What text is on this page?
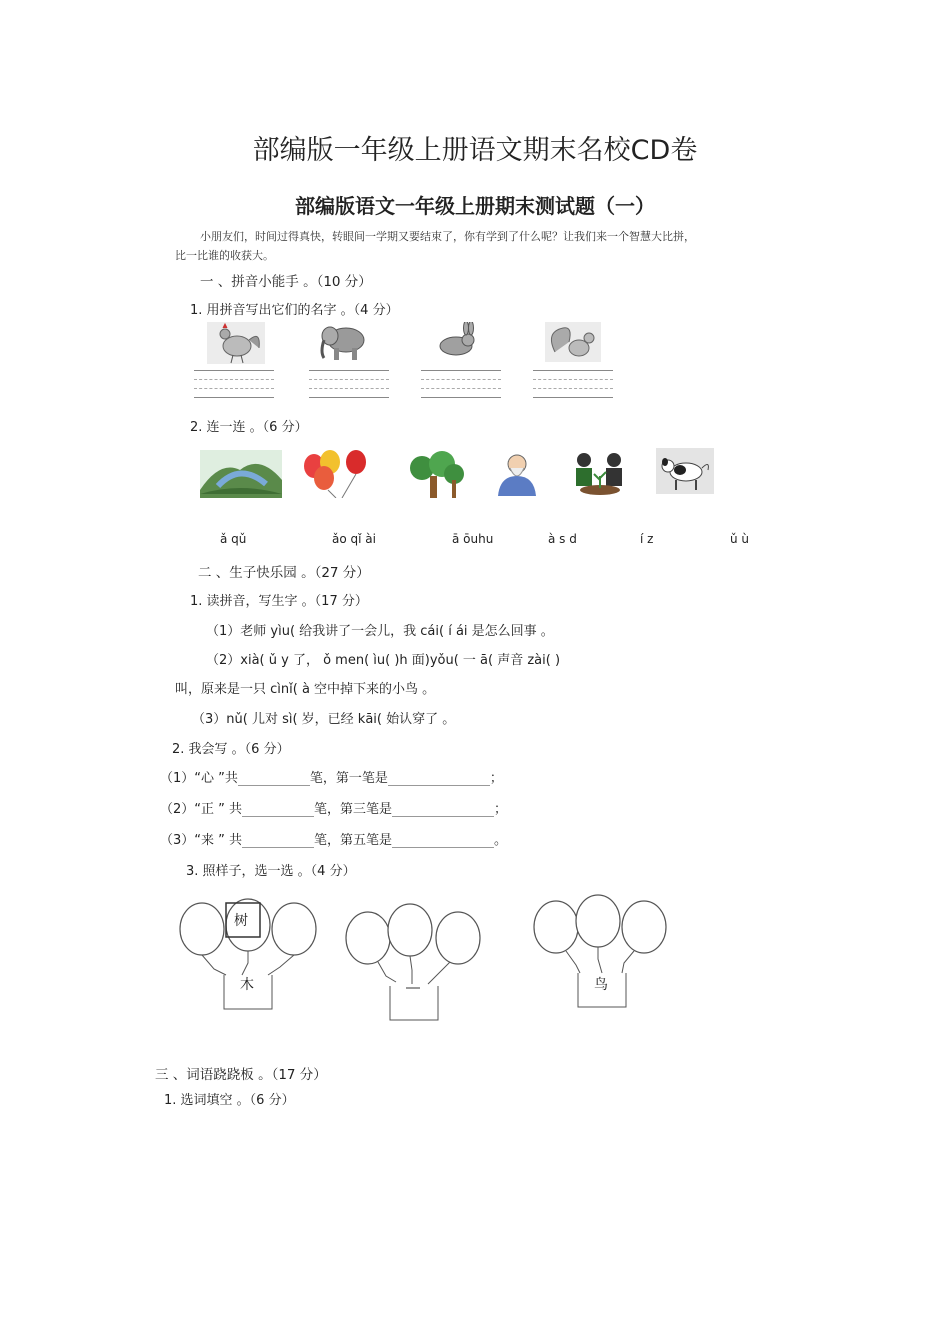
部编版一年级上册语文期末名校CD卷
部编版语文一年级上册期末测试题（一）
小朋友们，时间过得真快，转眼间一学期又要结束了，你有学到了什么呢？让我们来一个智慧大比拼，
比一比谁的收获大。
一 、拼音小能手 。（10 分）
1. 用拼音写出它们的名字 。（4 分）
2. 连一连 。（6 分）
ǎ qǔ	ǎo qǐ ài	ā ōuhu	à s d	í z	ǔ ù
二 、生子快乐园 。（27 分）
1. 读拼音，写生字 。（17 分）
（1）老师 yìu( 给我讲了一会儿，我 cái( í ái 是怎么回事 。
（2）xià( ǔ y 了， ǒ men( ìu( )h 面)yǒu( 一 ā( 声音 zài( )
叫，原来是一只 cìnǐ( à 空中掉下来的小鸟 。
（3）nǔ( 儿对 sì( 岁，已经 kāi( 始认穿了 。
2. 我会写 。（6 分）
（1）“心 ”共	笔，第一笔是	；
（2）“正 ” 共	笔，第三笔是	；
（3）“来 ” 共	笔，第五笔是	。
3. 照样子，选一选 。（4 分）
树
木	鸟
三 、词语跷跷板 。（17 分）
1. 选词填空 。（6 分）
